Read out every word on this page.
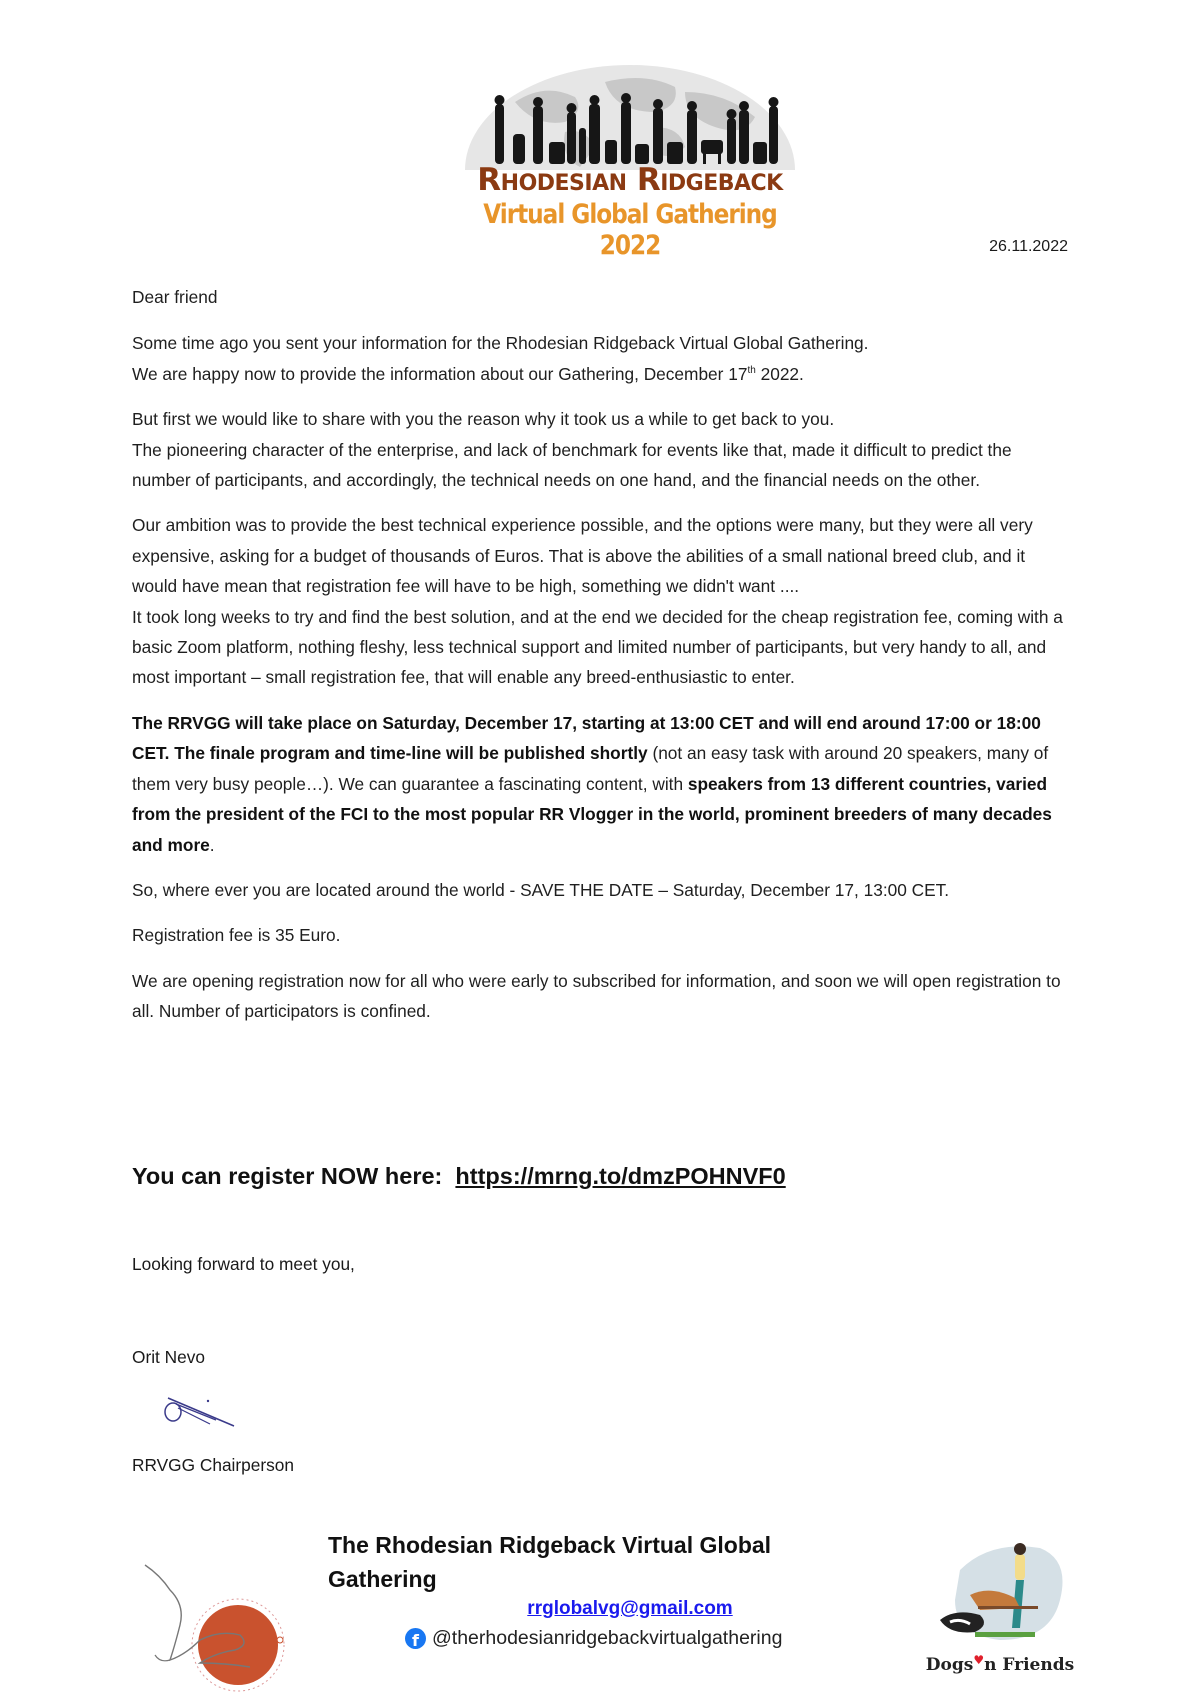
Rhodesian Ridgeback
Virtual Global Gathering 2022	26.11.2022

Dear friend

Some time ago you sent your information for the Rhodesian Ridgeback Virtual Global Gathering.
We are happy now to provide the information about our Gathering, December 17th 2022.

But first we would like to share with you the reason why it took us a while to get back to you.
The pioneering character of the enterprise, and lack of benchmark for events like that, made it difficult to predict the number of participants, and accordingly, the technical needs on one hand, and the financial needs on the other.

Our ambition was to provide the best technical experience possible, and the options were many, but they were all very expensive, asking for a budget of thousands of Euros. That is above the abilities of a small national breed club, and it would have mean that registration fee will have to be high, something we didn't want ....
It took long weeks to try and find the best solution, and at the end we decided for the cheap registration fee, coming with a basic Zoom platform, nothing fleshy, less technical support and limited number of participants, but very handy to all, and most important – small registration fee, that will enable any breed-enthusiastic to enter.

The RRVGG will take place on Saturday, December 17, starting at 13:00 CET and will end around 17:00 or 18:00 CET. The finale program and time-line will be published shortly (not an easy task with around 20 speakers, many of them very busy people…). We can guarantee a fascinating content, with speakers from 13 different countries, varied from the president of the FCI to the most popular RR Vlogger in the world, prominent breeders of many decades and more.

So, where ever you are located around the world - SAVE THE DATE – Saturday, December 17, 13:00 CET.

Registration fee is 35 Euro.

We are opening registration now for all who were early to subscribed for information, and soon we will open registration to all. Number of participators is confined.

You can register NOW here: https://mrng.to/dmzPOHNVF0
Looking forward to meet you,
Orit Nevo
RRVGG Chairperson
The Rhodesian Ridgeback Virtual Global Gathering
rrglobalvg@gmail.com
f @therhodesianridgebackvirtualgathering
Dogs♥n Friends
